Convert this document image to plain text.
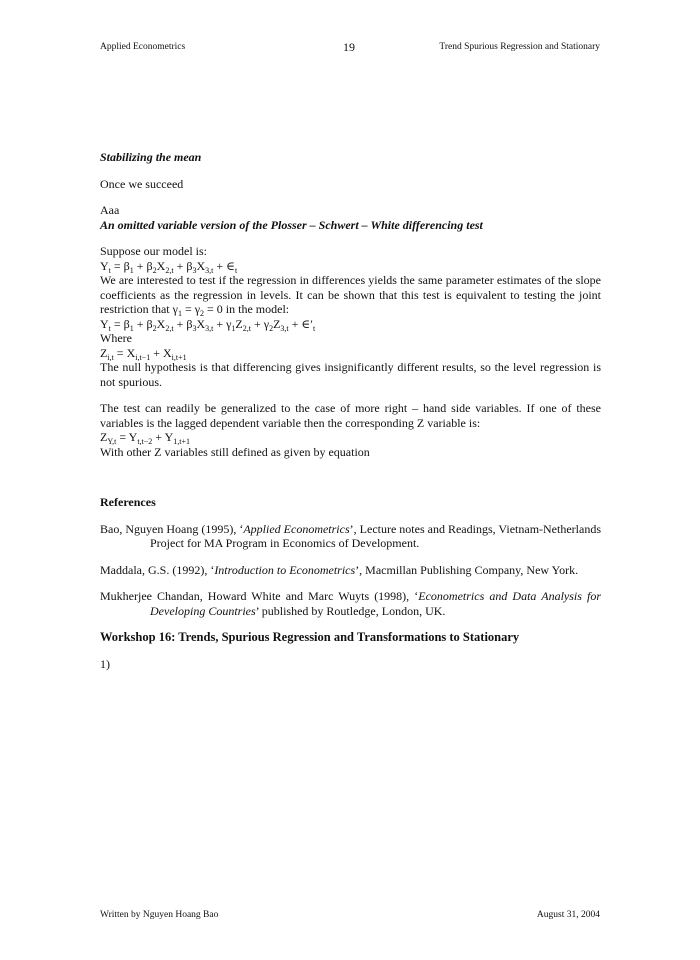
Applied Econometrics	19	Trend Spurious Regression and Stationary

Stabilizing the mean

Once we succeed

Aaa

An omitted variable version of the Plosser – Schwert – White differencing test

Suppose our model is:

$Y_t = \beta_1 + \beta_2X_{2,t} + \beta_3X_{3,t}$ + $\in_t$

We are interested to test if the regression in differences yields the same parameter estimates of the slope coefficients as the regression in levels. It can be shown that this test is equivalent to testing the joint restriction that $\gamma_1 = \gamma_2 = 0$ in the model:

$Y_t = \beta_1 + \beta_2X_{2,t} + \beta_3X_{3,t} + \gamma_1Z_{2,t} + \gamma_2Z_{3,t}$ + $\in'_t$

Where

$Z_{i,t} = X_{i,t-1} + X_{i,t+1}$

The null hypothesis is that differencing gives insignificantly different results, so the level regression is not spurious.

The test can readily be generalized to the case of more right – hand side variables. If one of these variables is the lagged dependent variable then the corresponding Z variable is:

$Z_{Y,t} = Y_{t,t-2} + Y_{1,t+1}$

With other Z variables still defined as given by equation

References

Bao, Nguyen Hoang (1995), ‘Applied Econometrics’, Lecture notes and Readings, Vietnam-Netherlands Project for MA Program in Economics of Development.

Maddala, G.S. (1992), ‘Introduction to Econometrics’, Macmillan Publishing Company, New York.

Mukherjee Chandan, Howard White and Marc Wuyts (1998), ‘Econometrics and Data Analysis for Developing Countries’ published by Routledge, London, UK.

Workshop 16: Trends, Spurious Regression and Transformations to Stationary

1)

Written by Nguyen Hoang Bao	August 31, 2004
